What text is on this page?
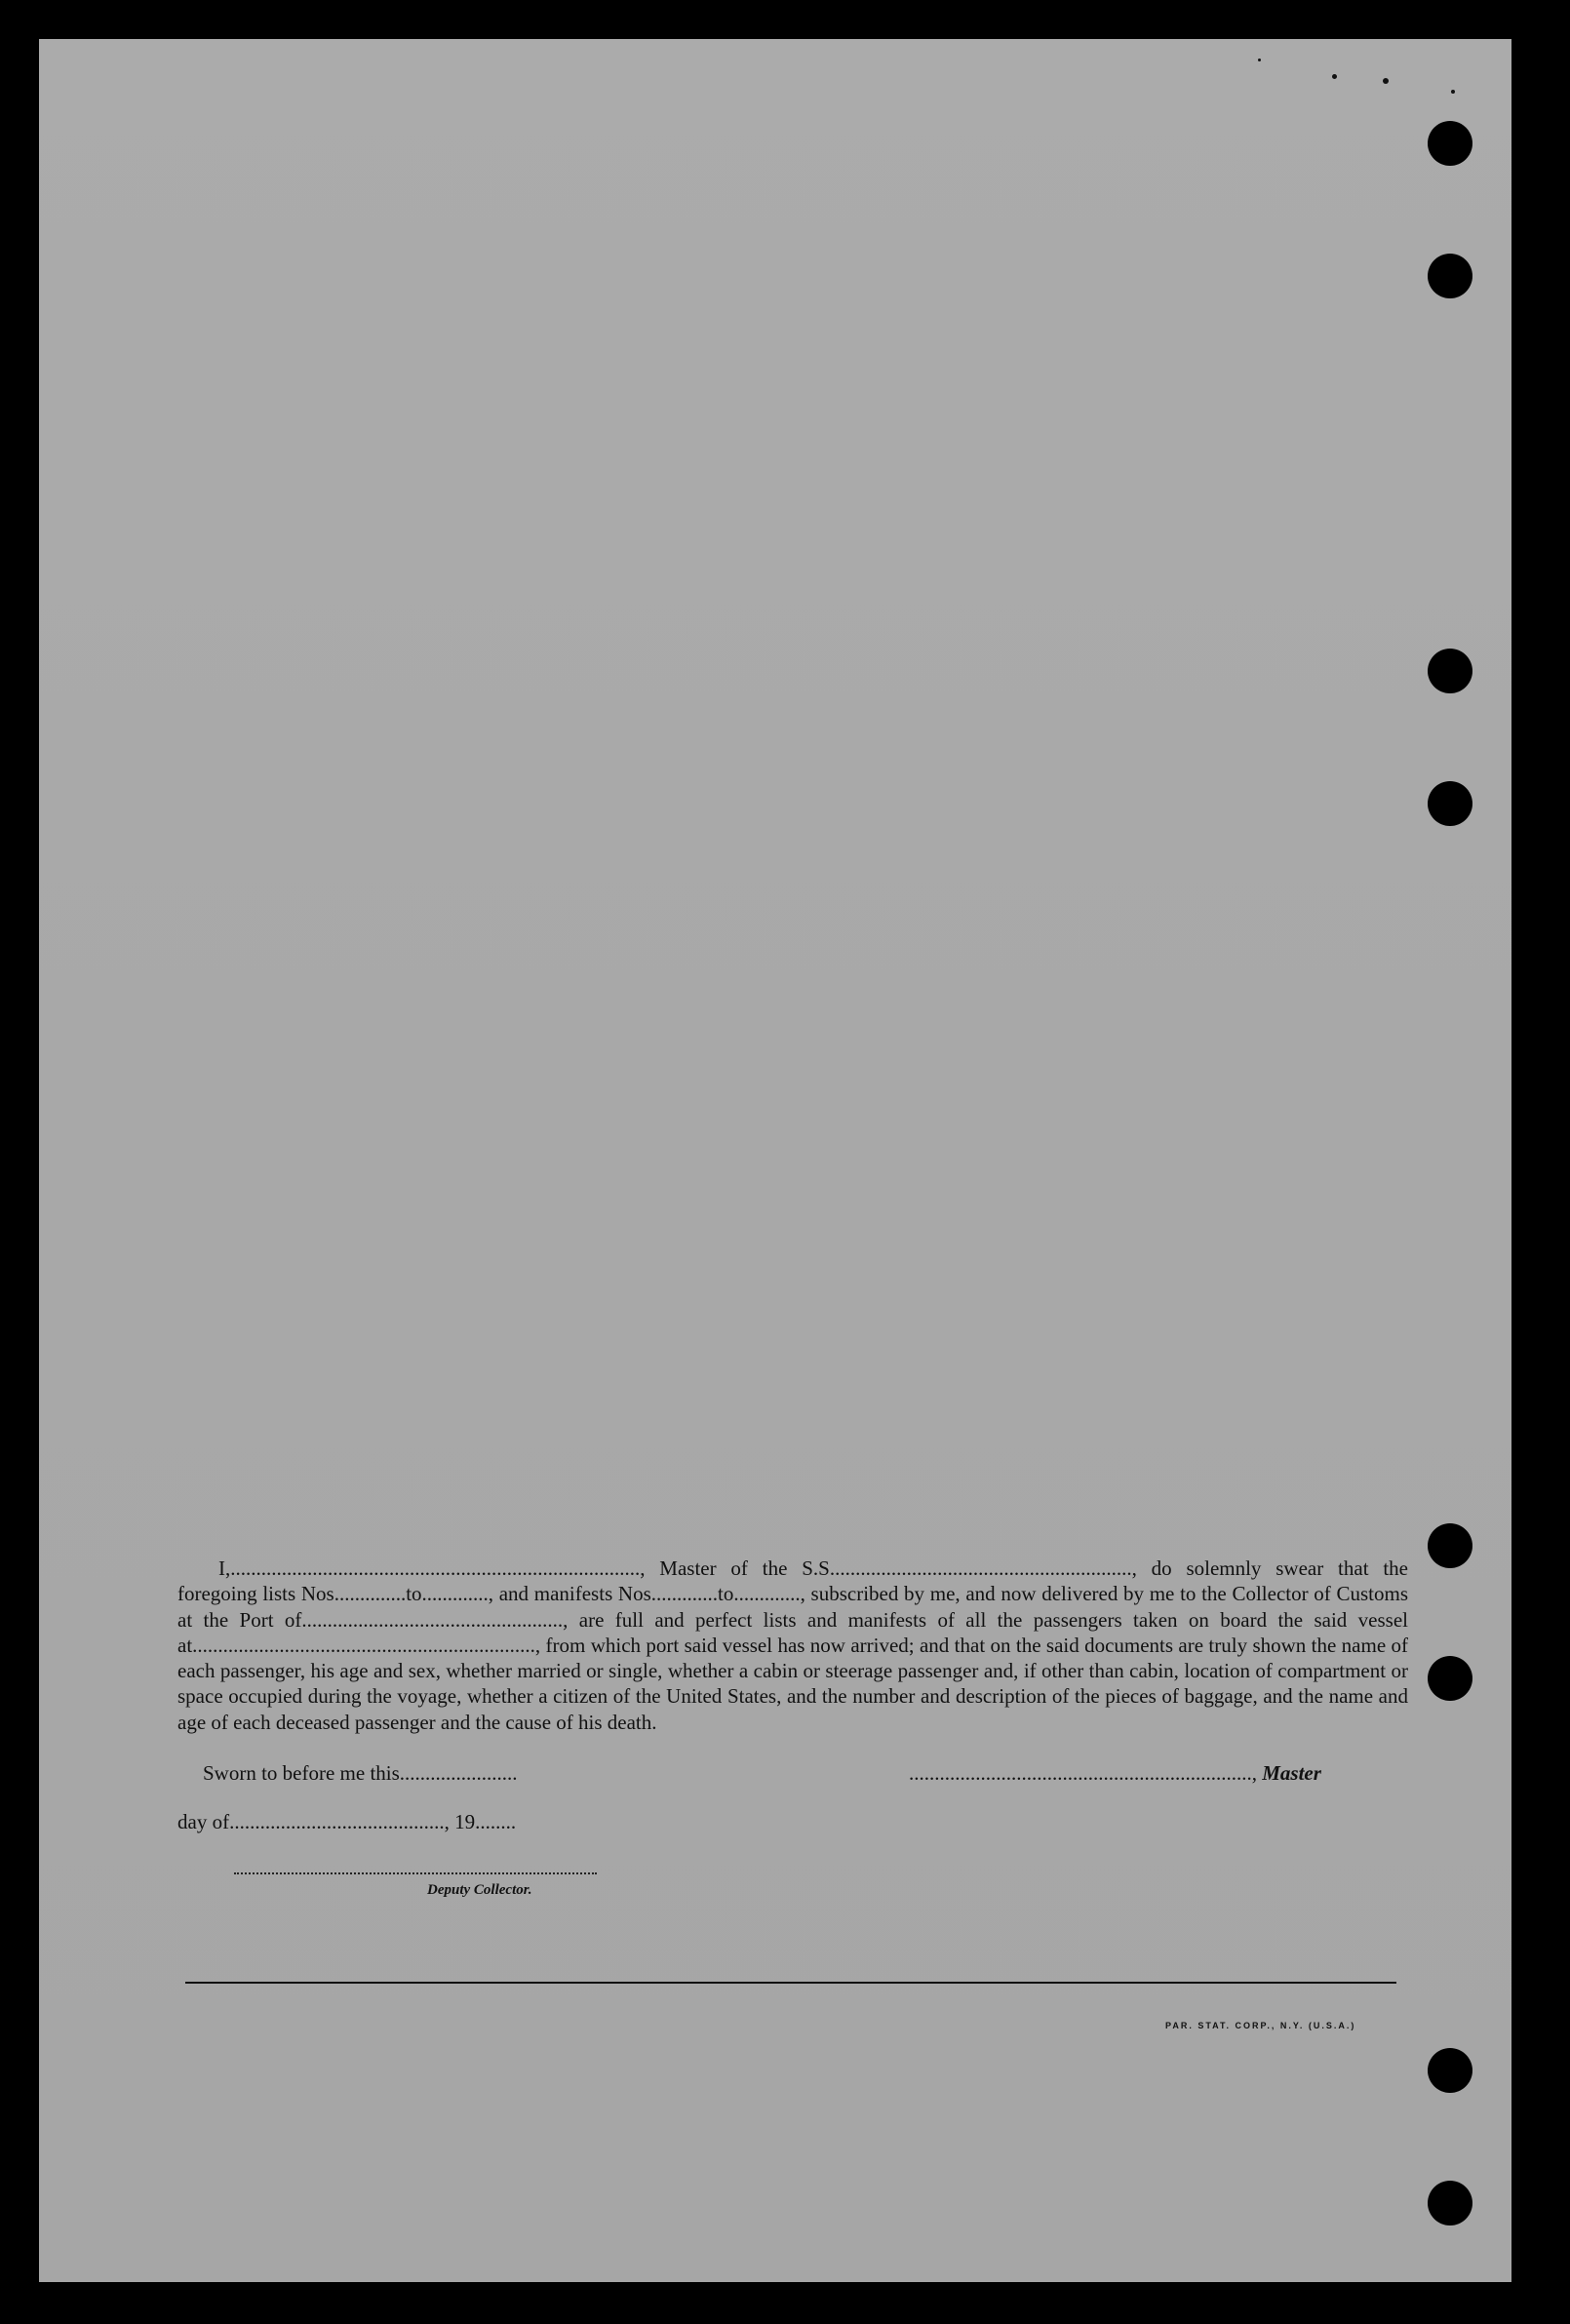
I,................................................................................, Master of the S.S..........................................................., do solemnly swear that the foregoing lists Nos..............to............., and manifests Nos.............to............., subscribed by me, and now delivered by me to the Collector of Customs at the Port of..................................................., are full and perfect lists and manifests of all the passengers taken on board the said vessel at..................................................................., from which port said vessel has now arrived; and that on the said documents are truly shown the name of each passenger, his age and sex, whether married or single, whether a cabin or steerage passenger and, if other than cabin, location of compartment or space occupied during the voyage, whether a citizen of the United States, and the number and description of the pieces of baggage, and the name and age of each deceased passenger and the cause of his death.

Sworn to before me this.......................	..................................................................., Master
day of.........................................., 19........
Deputy Collector.
PAR. STAT. CORP., N.Y. (U.S.A.)
